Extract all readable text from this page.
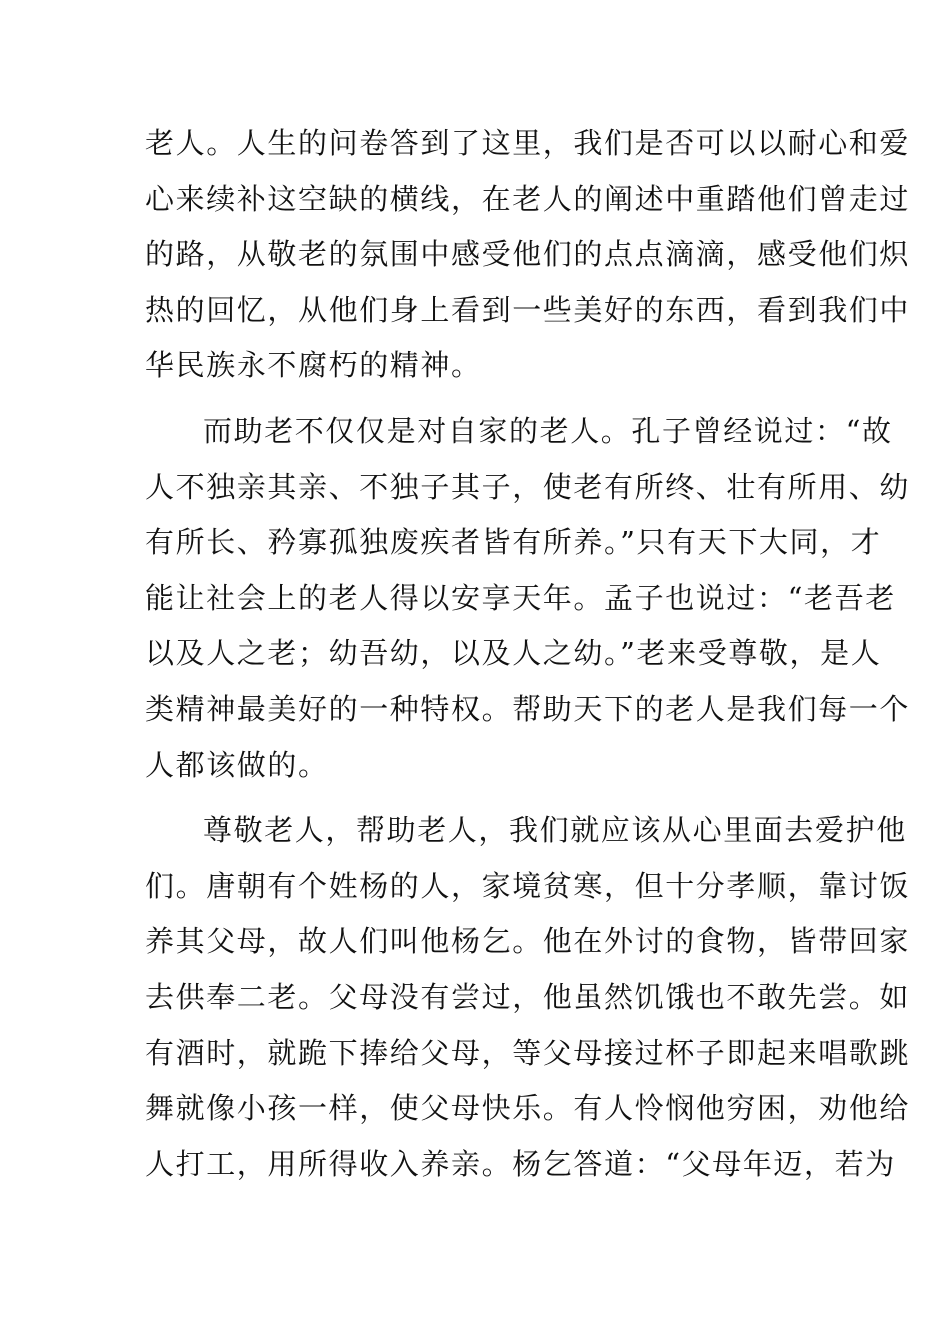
老人。人生的问卷答到了这里，我们是否可以以耐心和爱
心来续补这空缺的横线，在老人的阐述中重踏他们曾走过
的路，从敬老的氛围中感受他们的点点滴滴，感受他们炽
热的回忆，从他们身上看到一些美好的东西，看到我们中
华民族永不腐朽的精神。

而助老不仅仅是对自家的老人。孔子曾经说过：“故
人不独亲其亲、不独子其子，使老有所终、壮有所用、幼
有所长、矜寡孤独废疾者皆有所养。”只有天下大同，才
能让社会上的老人得以安享天年。孟子也说过：“老吾老
以及人之老；幼吾幼，以及人之幼。”老来受尊敬，是人
类精神最美好的一种特权。帮助天下的老人是我们每一个
人都该做的。

尊敬老人，帮助老人，我们就应该从心里面去爱护他
们。唐朝有个姓杨的人，家境贫寒，但十分孝顺，靠讨饭
养其父母，故人们叫他杨乞。他在外讨的食物，皆带回家
去供奉二老。父母没有尝过，他虽然饥饿也不敢先尝。如
有酒时，就跪下捧给父母，等父母接过杯子即起来唱歌跳
舞就像小孩一样，使父母快乐。有人怜悯他穷困，劝他给
人打工，用所得收入养亲。杨乞答道：“父母年迈，若为
